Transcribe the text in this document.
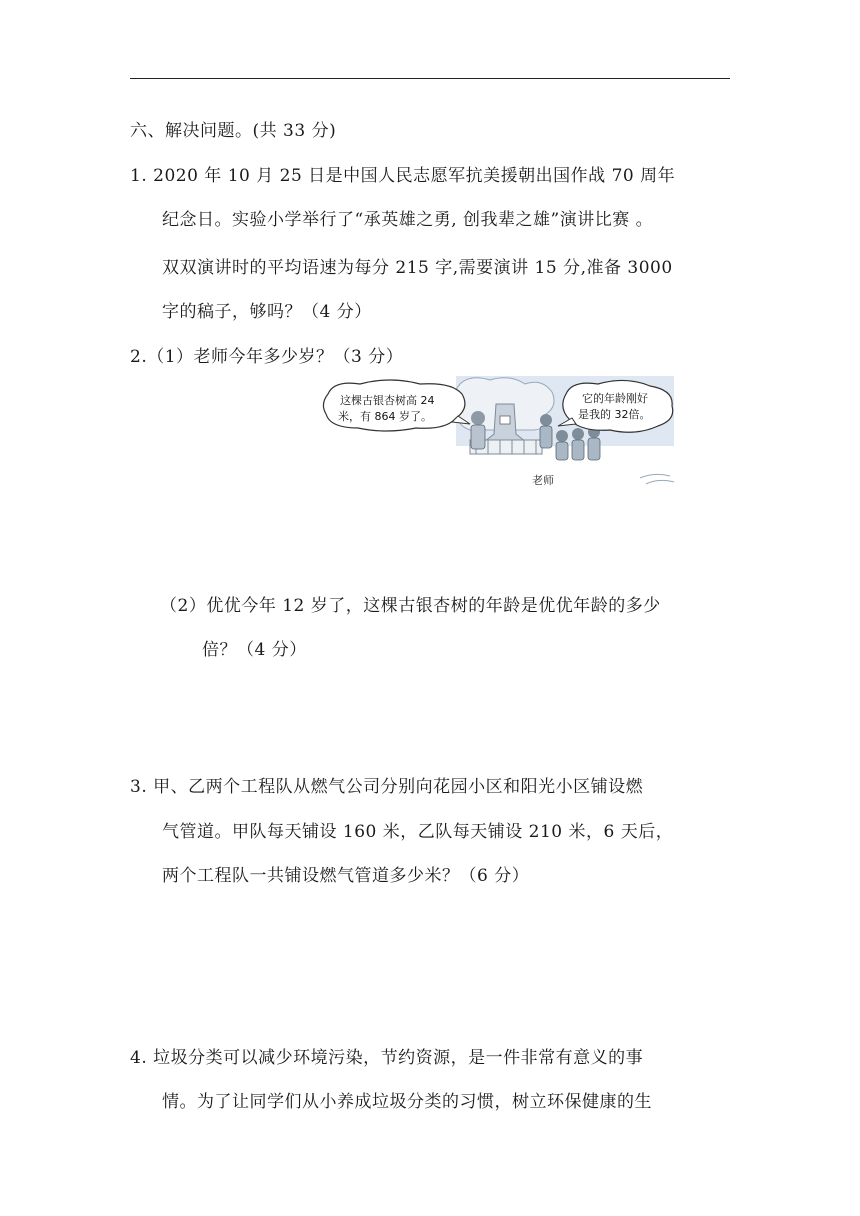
六、解决问题。(共 33 分)
1. 2020 年 10 月 25 日是中国人民志愿军抗美援朝出国作战 70 周年
纪念日。实验小学举行了“承英雄之勇, 创我辈之雄”演讲比赛 。
双双演讲时的平均语速为每分 215 字,需要演讲 15 分,准备 3000
字的稿子，够吗？（4 分）
2.（1）老师今年多少岁？（3 分）
这棵古银杏树高 24
米，有 864 岁了。
它的年龄刚好
是我的 32倍。
老师
（2）优优今年 12 岁了，这棵古银杏树的年龄是优优年龄的多少
倍？（4 分）
3. 甲、乙两个工程队从燃气公司分别向花园小区和阳光小区铺设燃
气管道。甲队每天铺设 160 米，乙队每天铺设 210 米，6 天后，
两个工程队一共铺设燃气管道多少米？（6 分）
4. 垃圾分类可以减少环境污染，节约资源，是一件非常有意义的事
情。为了让同学们从小养成垃圾分类的习惯，树立环保健康的生
